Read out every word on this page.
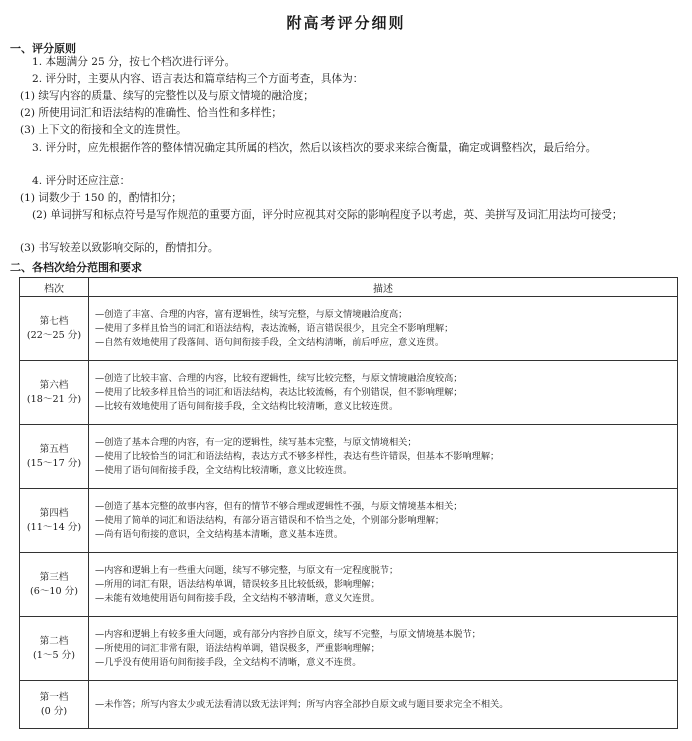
附高考评分细则
一、评分原则
1. 本题满分 25 分，按七个档次进行评分。
2. 评分时，主要从内容、语言表达和篇章结构三个方面考查，具体为：
(1) 续写内容的质量、续写的完整性以及与原文情境的融洽度；
(2) 所使用词汇和语法结构的准确性、恰当性和多样性；
(3) 上下文的衔接和全文的连贯性。
3. 评分时，应先根据作答的整体情况确定其所属的档次，然后以该档次的要求来综合衡量，确定或调整档次，最后给分。
4. 评分时还应注意：
(1) 词数少于 150 的，酌情扣分；
(2) 单词拼写和标点符号是写作规范的重要方面，评分时应视其对交际的影响程度予以考虑，英、美拼写及词汇用法均可接受；
(3) 书写较差以致影响交际的，酌情扣分。
二、各档次给分范围和要求
档次	描述

第七档
(22～25 分)	—创造了丰富、合理的内容，富有逻辑性，续写完整，与原文情境融洽度高；
—使用了多样且恰当的词汇和语法结构，表达流畅，语言错误很少，且完全不影响理解；
—自然有效地使用了段落间、语句间衔接手段，全文结构清晰，前后呼应，意义连贯。

第六档
(18～21 分)	—创造了比较丰富、合理的内容，比较有逻辑性，续写比较完整，与原文情境融洽度较高；
—使用了比较多样且恰当的词汇和语法结构，表达比较流畅，有个别错误，但不影响理解；
—比较有效地使用了语句间衔接手段，全文结构比较清晰，意义比较连贯。

第五档
(15～17 分)	—创造了基本合理的内容，有一定的逻辑性，续写基本完整，与原文情境相关；
—使用了比较恰当的词汇和语法结构，表达方式不够多样性，表达有些许错误，但基本不影响理解；
—使用了语句间衔接手段，全文结构比较清晰，意义比较连贯。

第四档
(11～14 分)	—创造了基本完整的故事内容，但有的情节不够合理或逻辑性不强，与原文情境基本相关；
—使用了简单的词汇和语法结构，有部分语言错误和不恰当之处，个别部分影响理解；
—尚有语句衔接的意识，全文结构基本清晰，意义基本连贯。

第三档
(6～10 分)	—内容和逻辑上有一些重大问题，续写不够完整，与原文有一定程度脱节；
—所用的词汇有限，语法结构单调，错误较多且比较低级，影响理解；
—未能有效地使用语句间衔接手段，全文结构不够清晰，意义欠连贯。

第二档
(1～5 分)	—内容和逻辑上有较多重大问题，或有部分内容抄自原文，续写不完整，与原文情境基本脱节；
—所使用的词汇非常有限，语法结构单调，错误极多，严重影响理解；
—几乎没有使用语句间衔接手段，全文结构不清晰，意义不连贯。

第一档
(0 分)	—未作答；所写内容太少或无法看清以致无法评判；所写内容全部抄自原文或与题目要求完全不相关。
